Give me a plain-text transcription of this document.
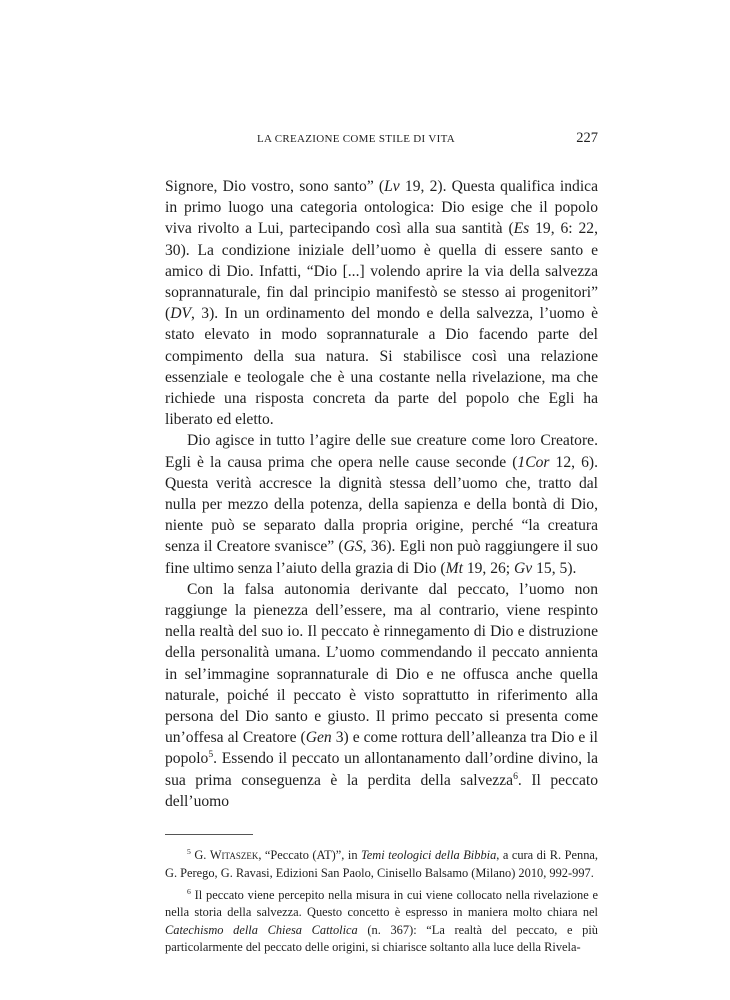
LA CREAZIONE COME STILE DI VITA	227

Signore, Dio vostro, sono santo” (Lv 19, 2). Questa qualifica indica in primo luogo una categoria ontologica: Dio esige che il popolo viva rivolto a Lui, partecipando così alla sua santità (Es 19, 6: 22, 30). La condizione iniziale dell’uomo è quella di essere santo e amico di Dio. Infatti, “Dio [...] volendo aprire la via della salvezza soprannaturale, fin dal principio manifestò se stesso ai progenitori” (DV, 3). In un ordinamento del mondo e della salvezza, l’uomo è stato elevato in modo soprannaturale a Dio facendo parte del compimento della sua natura. Si stabilisce così una relazione essenziale e teologale che è una costante nella rivelazione, ma che richiede una risposta concreta da parte del popolo che Egli ha liberato ed eletto.

Dio agisce in tutto l’agire delle sue creature come loro Creatore. Egli è la causa prima che opera nelle cause seconde (1Cor 12, 6). Questa verità accresce la dignità stessa dell’uomo che, tratto dal nulla per mezzo della potenza, della sapienza e della bontà di Dio, niente può se separato dalla propria origine, perché “la creatura senza il Creatore svanisce” (GS, 36). Egli non può raggiungere il suo fine ultimo senza l’aiuto della grazia di Dio (Mt 19, 26; Gv 15, 5).

Con la falsa autonomia derivante dal peccato, l’uomo non raggiunge la pienezza dell’essere, ma al contrario, viene respinto nella realtà del suo io. Il peccato è rinnegamento di Dio e distruzione della personalità umana. L’uomo commendando il peccato annienta in sel’immagine soprannaturale di Dio e ne offusca anche quella naturale, poiché il peccato è visto soprattutto in riferimento alla persona del Dio santo e giusto. Il primo peccato si presenta come un’offesa al Creatore (Gen 3) e come rottura dell’alleanza tra Dio e il popolo$^5$. Essendo il peccato un allontanamento dall’ordine divino, la sua prima conseguenza è la perdita della salvezza$^6$. Il peccato dell’uomo

$^5$ G. Witaszek, “Peccato (AT)”, in Temi teologici della Bibbia, a cura di R. Penna, G. Perego, G. Ravasi, Edizioni San Paolo, Cinisello Balsamo (Milano) 2010, 992-997.

$^6$ Il peccato viene percepito nella misura in cui viene collocato nella rivelazione e nella storia della salvezza. Questo concetto è espresso in maniera molto chiara nel Catechismo della Chiesa Cattolica (n. 367): “La realtà del peccato, e più particolarmente del peccato delle origini, si chiarisce soltanto alla luce della Rivela-
